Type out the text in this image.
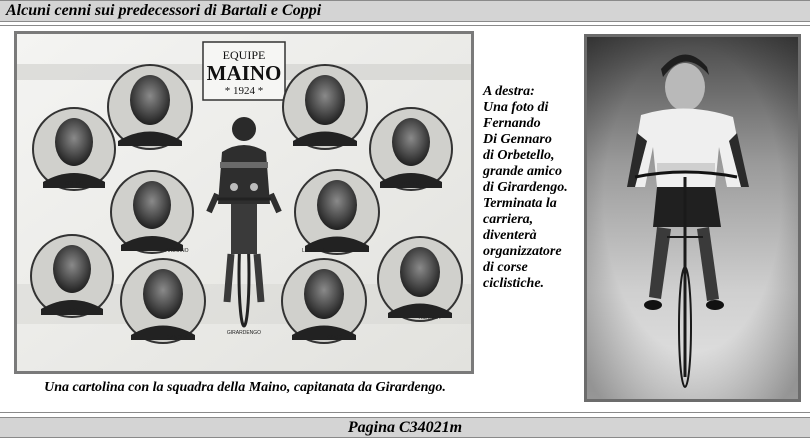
Alcuni cenni sui predecessori di Bartali e Coppi
EQUIPE
MAINO
* 1924 *
AZZINI	BESTETTI
CREMO	FRENSENSERG
ARDUINO	LUGGETI
GIRARDENGO
DINANI
GANDINI	GOSSI
TICAGILA
A destra:
Una foto di
Fernando
Di Gennaro
di Orbetello,
grande amico
di Girardengo.
Terminata la
carriera,
diventerà
organizzatore
di corse
ciclistiche.
Una cartolina con la squadra della Maino, capitanata da Girardengo.
Pagina C34021m
